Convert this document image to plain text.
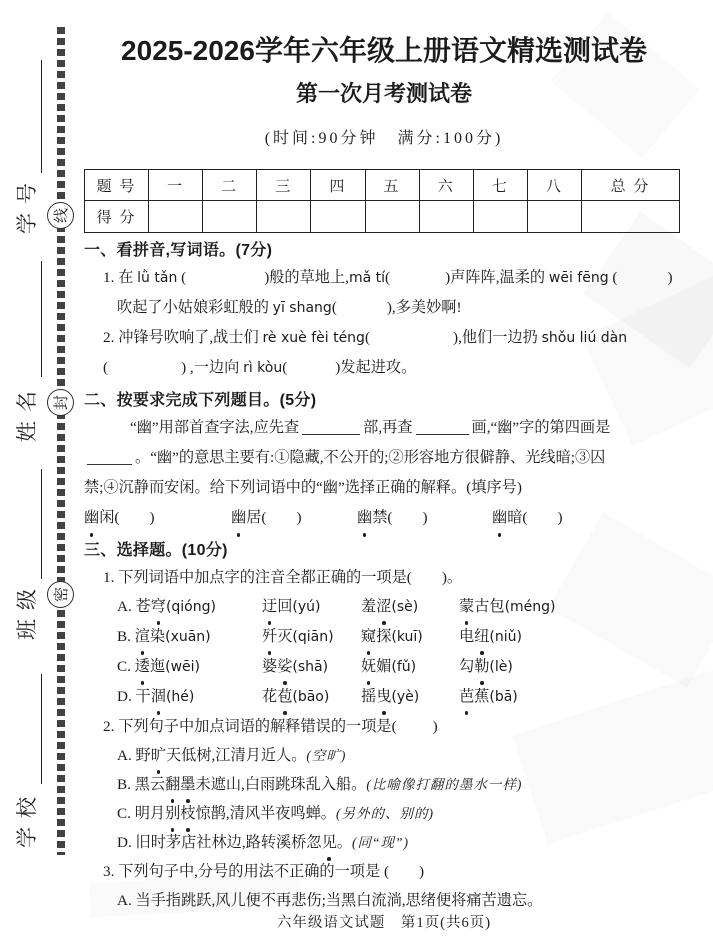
线
封
密
学校
班级
姓名
学号
2025-2026学年六年级上册语文精选测试卷
第一次月考测试卷
(时间:90分钟　满分:100分)
题 号	一	二	三	四	五	六	七	八	总 分
得 分									
一、看拼音,写词语。(7分)
1. 在 lǜ tǎn (	)般的草地上,mǎ tí(	)声阵阵,温柔的 wēi fēng (	)
吹起了小姑娘彩虹般的 yī shang(	),多美妙啊!
2. 冲锋号吹响了,战士们 rè xuè fèi téng(	),他们一边扔 shǒu liú dàn
(	) ,一边向 rì kòu(	)发起进攻。
二、按要求完成下列题目。(5分)
“幽”用部首查字法,应先查	部,再查	画,“幽”字的第四画是
。“幽”的意思主要有:①隐藏,不公开的;②形容地方很僻静、光线暗;③囚
禁;④沉静而安闲。给下列词语中的“幽”选择正确的解释。(填序号)
幽闲( )	幽居( )	幽禁( )	幽暗( )
三、选择题。(10分)
1. 下列词语中加点字的注音全都正确的一项是( )。
A. 苍穹(qióng)	迂回(yú)	羞涩(sè)	蒙古包(méng)
B. 渲染(xuān)	歼灭(qiān)	窥探(kuī)	电纽(niǔ)
C. 逶迤(wēi)	婆娑(shā)	妩媚(fǔ)	勾勒(lè)
D. 干涸(hé)	花苞(bāo)	摇曳(yè)	芭蕉(bā)
2. 下列句子中加点词语的解释错误的一项是( )
A. 野旷天低树,江清月近人。(空旷)
B. 黑云翻墨未遮山,白雨跳珠乱入船。(比喻像打翻的墨水一样)
C. 明月别枝惊鹊,清风半夜鸣蝉。(另外的、别的)
D. 旧时茅店社林边,路转溪桥忽见。(同“现”)
3. 下列句子中,分号的用法不正确的一项是 ( )
A. 当手指跳跃,风儿便不再悲伤;当黑白流淌,思绪便将痛苦遗忘。
六年级语文试题　第1页(共6页)
